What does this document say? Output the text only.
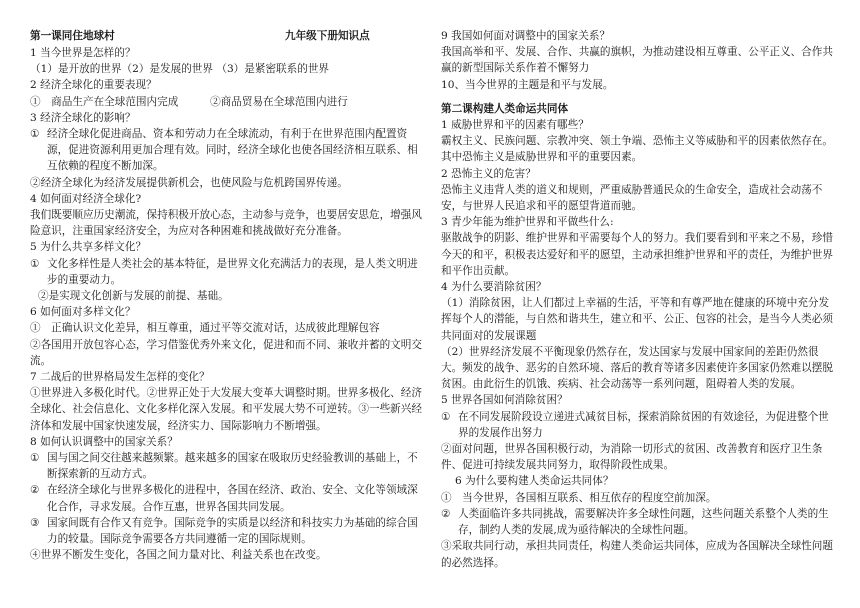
第一课同住地球村	九年级下册知识点
1 当今世界是怎样的？
（1）是开放的世界（2）是发展的世界 （3）是紧密联系的世界
2 经济全球化的重要表现？
①　商品生产在全球范围内完成　　　②商品贸易在全球范围内进行
3 经济全球化的影响？
① 经济全球化促进商品、资本和劳动力在全球流动，有利于在世界范围内配置资源，促进资源利用更加合理有效。同时，经济全球化也使各国经济相互联系、相互依赖的程度不断加深。
②经济全球化为经济发展提供新机会，也使风险与危机跨国界传递。
4 如何面对经济全球化?
我们既要顺应历史潮流，保持积极开放心态，主动参与竞争，也要居安思危，增强风险意识，注重国家经济安全，为应对各种困难和挑战做好充分准备。
5 为什么共享多样文化？
① 文化多样性是人类社会的基本特征，是世界文化充满活力的表现，是人类文明进步的重要动力。
②是实现文化创新与发展的前提、基础。
6 如何面对多样文化？
①　正确认识文化差异，相互尊重，通过平等交流对话，达成彼此理解包容
②各国用开放包容心态，学习借鉴优秀外来文化，促进和而不同、兼收并蓄的文明交流。
7 二战后的世界格局发生怎样的变化？
①世界进入多极化时代。②世界正处于大发展大变革大调整时期。世界多极化、经济全球化、社会信息化、文化多样化深入发展。和平发展大势不可逆转。③一些新兴经济体和发展中国家快速发展，经济实力、国际影响力不断增强。
8 如何认识调整中的国家关系？
① 国与国之间交往越来越频繁。越来越多的国家在吸取历史经验教训的基础上，不断探索新的互动方式。
② 在经济全球化与世界多极化的进程中，各国在经济、政治、安全、文化等领域深化合作，寻求发展。合作互惠，世界各国共同发展。
③ 国家间既有合作又有竞争。国际竞争的实质是以经济和科技实力为基础的综合国力的较量。国际竞争需要各方共同遵循一定的国际规则。
④世界不断发生变化，各国之间力量对比、利益关系也在改变。
9 我国如何面对调整中的国家关系？
我国高举和平、发展、合作、共赢的旗帜，为推动建设相互尊重、公平正义、合作共赢的新型国际关系作着不懈努力
10、当今世界的主题是和平与发展。
第二课构建人类命运共同体
1 威胁世界和平的因素有哪些？
霸权主义、民族问题、宗教冲突、领土争端、恐怖主义等威胁和平的因素依然存在。其中恐怖主义是威胁世界和平的重要因素。
2 恐怖主义的危害？
恐怖主义违背人类的道义和规则，严重威胁普通民众的生命安全，造成社会动荡不安，与世界人民追求和平的愿望背道而驰。
3 青少年能为维护世界和平做些什么:
驱散战争的阴影、维护世界和平需要每个人的努力。我们要看到和平来之不易，珍惜今天的和平，积极表达爱好和平的愿望，主动承担维护世界和平的责任，为维护世界和平作出贡献。
4 为什么要消除贫困？
（1）消除贫困，让人们都过上幸福的生活，平等和有尊严地在健康的环境中充分发挥每个人的潜能，与自然和谐共生，建立和平、公正、包容的社会，是当今人类必须共同面对的发展课题
（2）世界经济发展不平衡现象仍然存在，发达国家与发展中国家间的差距仍然很大。频发的战争、恶劣的自然环境、落后的教育等诸多因素使许多国家仍然难以摆脱贫困。由此衍生的饥饿、疾病、社会动荡等一系列问题，阻碍着人类的发展。
5 世界各国如何消除贫困？
① 在不同发展阶段设立递进式减贫目标，探索消除贫困的有效途径，为促进整个世界的发展作出努力
②面对问题，世界各国积极行动，为消除一切形式的贫困、改善教育和医疗卫生条件、促进可持续发展共同努力，取得阶段性成果。
6 为什么要构建人类命运共同体？
①　当今世界，各国相互联系、相互依存的程度空前加深。
② 人类面临许多共同挑战，需要解决许多全球性问题，这些问题关系整个人类的生存，制约人类的发展,成为亟待解决的全球性问题。
③采取共同行动，承担共同责任，构建人类命运共同体，应成为各国解决全球性问题的必然选择。
